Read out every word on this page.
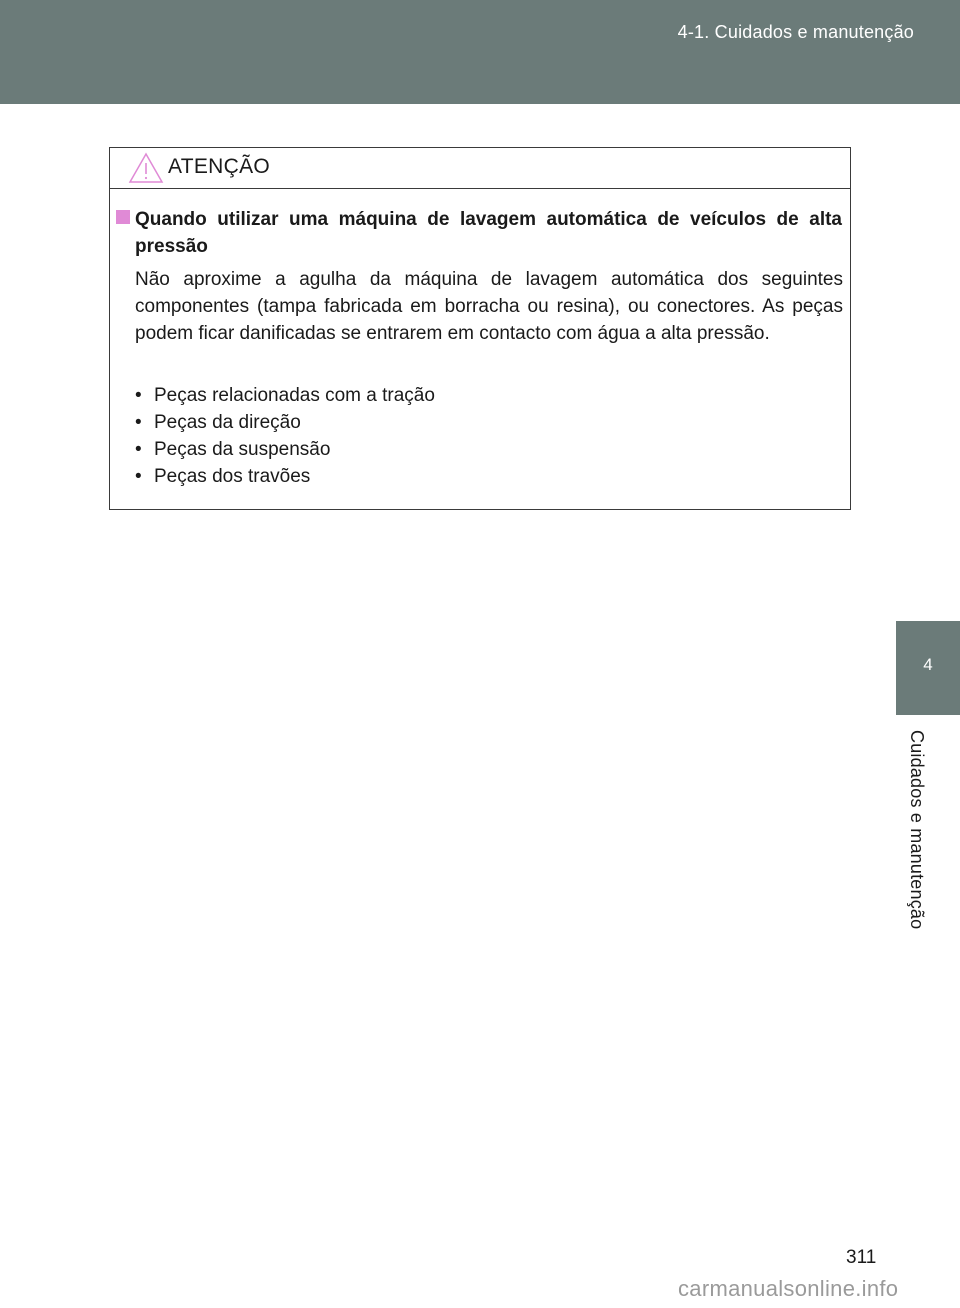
4-1. Cuidados e manutenção
4
Cuidados e manutenção
ATENÇÃO
Quando utilizar uma máquina de lavagem automática de veículos de alta pressão
Não aproxime a agulha da máquina de lavagem automática dos seguintes componentes (tampa fabricada em borracha ou resina), ou conectores. As peças podem ficar danificadas se entrarem em contacto com água a alta pressão.
• Peças relacionadas com a tração
• Peças da direção
• Peças da suspensão
• Peças dos travões
311
carmanualsonline.info
